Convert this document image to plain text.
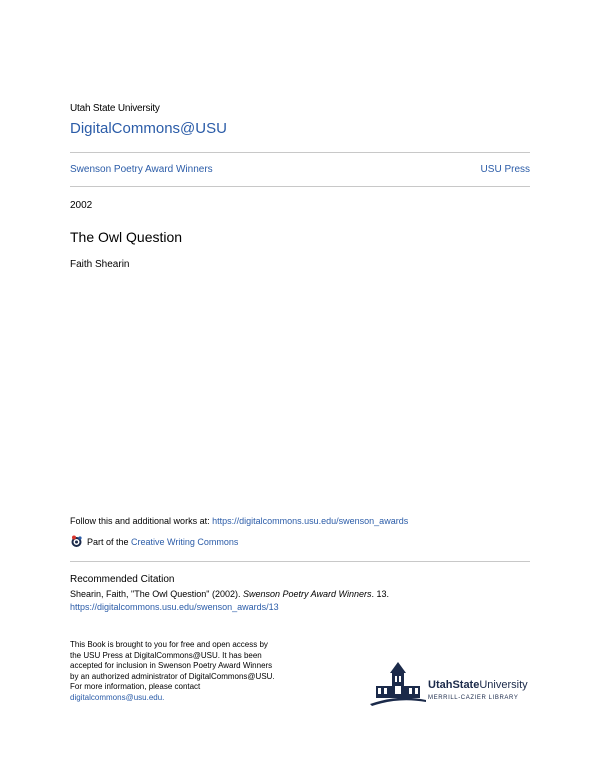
Utah State University
DigitalCommons@USU
Swenson Poetry Award Winners	USU Press
2002
The Owl Question
Faith Shearin
Follow this and additional works at: https://digitalcommons.usu.edu/swenson_awards
Part of the
Creative Writing Commons
Recommended Citation
Shearin, Faith, "The Owl Question" (2002). Swenson Poetry Award Winners. 13.
https://digitalcommons.usu.edu/swenson_awards/13
This Book is brought to you for free and open access by
the USU Press at DigitalCommons@USU. It has been
accepted for inclusion in Swenson Poetry Award Winners
by an authorized administrator of DigitalCommons@USU.
For more information, please contact
digitalcommons@usu.edu.
UtahStateUniversity
MERRILL-CAZIER LIBRARY
